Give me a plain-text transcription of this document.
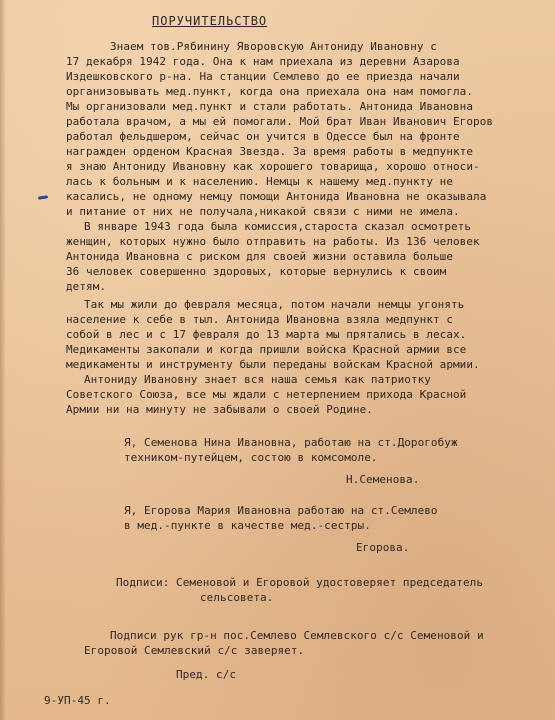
ПОРУЧИТЕЛЬСТВО
Знаем тов.Рябинину Яворовскую Антониду Ивановну с
17 декабря 1942 года. Она к нам приехала из деревни Азарова
Издешковского р-на. На станции Семлево до ее приезда начали
организовывать мед.пункт, когда она приехала она нам помогла.
Мы организовали мед.пункт и стали работать. Антонида Ивановна
работала врачом, а мы ей помогали. Мой брат Иван Иванович Егоров
работал фельдшером, сейчас он учится в Одессе был на фронте
награжден орденом Красная Звезда. За время работы в медпункте
я знаю Антониду Ивановну как хорошего товарища, хорошо относи-
лась к больным и к населению. Немцы к нашему мед.пункту не
касались, не одному немцу помощи Антонида Ивановна не оказывала
и питание от них не получала,никакой связи с ними не имела.
В январе 1943 года была комиссия,староста сказал осмотреть
женщин, которых нужно было отправить на работы. Из 136 человек
Антонида Ивановна с риском для своей жизни оставила больше
36 человек совершенно здоровых, которые вернулись к своим
детям.
Так мы жили до февраля месяца, потом начали немцы угонять
население к себе в тыл. Антонида Ивановна взяла медпункт с
собой в лес и с 17 февраля до 13 марта мы прятались в лесах.
Медикаменты закопали и когда пришли войска Красной армии все
медикаменты и инструменту были переданы войскам Красной армии.
Антониду Ивановну знает вся наша семья как патриотку
Советского Союза, все мы ждали с нетерпением прихода Красной
Армии ни на минуту не забывали о своей Родине.
Я, Семенова Нина Ивановна, работаю на ст.Дорогобуж
техником-путейцем, состою в комсомоле.
Н.Семенова.
Я, Егорова Мария Ивановна работаю на ст.Семлево
в мед.-пункте в качестве мед.-сестры.
Егорова.
Подписи: Семеновой и Егоровой удостоверяет председатель
сельсовета.
Подписи рук гр-н пос.Семлево Семлевского с/с Семеновой и
Егоровой Семлевский с/с заверяет.
Пред. с/с
9-УП-45 г.
